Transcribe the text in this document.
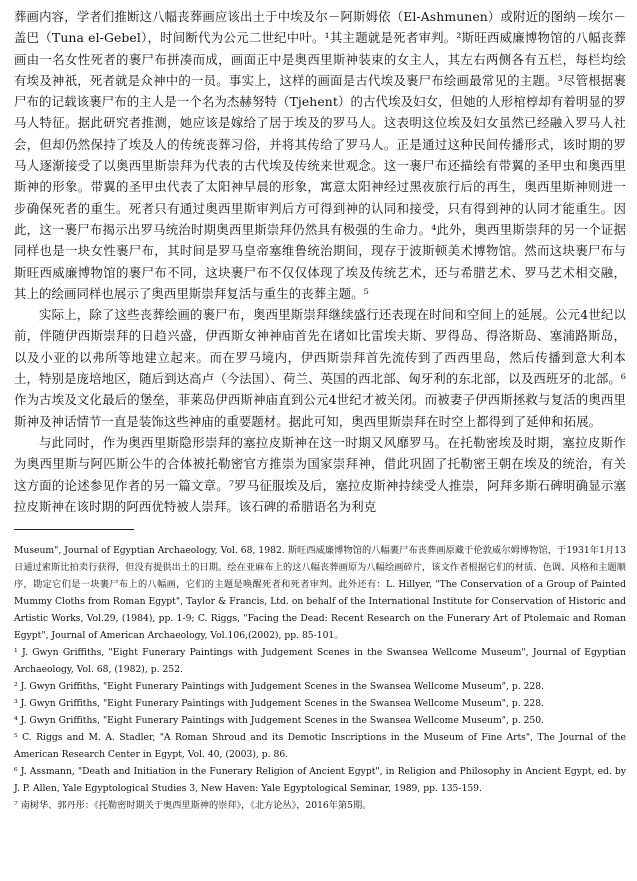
葬画内容，学者们推断这八幅丧葬画应该出土于中埃及尔－阿斯姆依（El-Ashmunen）或附近的图纳－埃尔－盖巴（Tuna el-Gebel），时间断代为公元二世纪中叶。¹其主题就是死者审判。²斯旺西威廉博物馆的八幅丧葬画由一名女性死者的裹尸布拼凑而成，画面正中是奥西里斯神装束的女主人，其左右两侧各有五栏，每栏均绘有埃及神祇，死者就是众神中的一员。事实上，这样的画面是古代埃及裹尸布绘画最常见的主题。³尽管根据裹尸布的记载该裹尸布的主人是一个名为杰赫努特（Tjehent）的古代埃及妇女，但她的人形棺椁却有着明显的罗马人特征。据此研究者推测，她应该是嫁给了居于埃及的罗马人。这表明这位埃及妇女虽然已经融入罗马人社会，但却仍然保持了埃及人的传统丧葬习俗，并将其传给了罗马人。正是通过这种民间传播形式，该时期的罗马人逐渐接受了以奥西里斯崇拜为代表的古代埃及传统来世观念。这一裹尸布还描绘有带翼的圣甲虫和奥西里斯神的形象。带翼的圣甲虫代表了太阳神早晨的形象，寓意太阳神经过黑夜旅行后的再生，奥西里斯神则进一步确保死者的重生。死者只有通过奥西里斯审判后方可得到神的认同和接受，只有得到神的认同才能重生。因此，这一裹尸布揭示出罗马统治时期奥西里斯崇拜仍然具有极强的生命力。⁴此外，奥西里斯崇拜的另一个证据同样也是一块女性裹尸布，其时间是罗马皇帝塞维鲁统治期间，现存于波斯顿美术博物馆。然而这块裹尸布与斯旺西威廉博物馆的裹尸布不同，这块裹尸布不仅仅体现了埃及传统艺术，还与希腊艺术、罗马艺术相交融，其上的绘画同样也展示了奥西里斯崇拜复活与重生的丧葬主题。⁵

实际上，除了这些丧葬绘画的裹尸布，奥西里斯崇拜继续盛行还表现在时间和空间上的延展。公元4世纪以前，伴随伊西斯崇拜的日趋兴盛，伊西斯女神神庙首先在诸如比雷埃夫斯、罗得岛、得洛斯岛、塞浦路斯岛，以及小亚的以弗所等地建立起来。而在罗马境内，伊西斯崇拜首先流传到了西西里岛，然后传播到意大利本土，特别是庞培地区，随后到达高卢（今法国）、荷兰、英国的西北部、匈牙利的东北部，以及西班牙的北部。⁶作为古埃及文化最后的堡垒，菲莱岛伊西斯神庙直到公元4世纪才被关闭。而被妻子伊西斯拯救与复活的奥西里斯神及神话情节一直是装饰这些神庙的重要题材。据此可知，奥西里斯崇拜在时空上都得到了延伸和拓展。

与此同时，作为奥西里斯隐形崇拜的塞拉皮斯神在这一时期又风靡罗马。在托勒密埃及时期，塞拉皮斯作为奥西里斯与阿匹斯公牛的合体被托勒密官方推崇为国家崇拜神，借此巩固了托勒密王朝在埃及的统治，有关这方面的论述参见作者的另一篇文章。⁷罗马征服埃及后，塞拉皮斯神持续受人推崇，阿拜多斯石碑明确显示塞拉皮斯神在该时期的阿西优特被人崇拜。该石碑的希腊语名为利克

Museum", Journal of Egyptian Archaeology, Vol. 68, 1982. 斯旺西威廉博物馆的八幅裹尸布丧葬画原藏于伦敦威尔姆博物馆，于1931年1月13日通过索斯比拍卖行获得，但没有提供出土的日期。绘在亚麻布上的这八幅丧葬画原为八幅绘画碎片，该文作者根据它们的材质、色调、风格和主题顺序，勘定它们是一块裹尸布上的八幅画，它们的主题是唤醒死者和死者审判。此外还有：L. Hillyer, "The Conservation of a Group of Painted Mummy Cloths from Roman Egypt", Taylor & Francis, Ltd. on behalf of the International Institute for Conservation of Historic and Artistic Works, Vol.29, (1984), pp. 1-9; C. Riggs, "Facing the Dead: Recent Research on the Funerary Art of Ptolemaic and Roman Egypt", Journal of American Archaeology, Vol.106,(2002), pp. 85-101。

¹ J. Gwyn Griffiths, "Eight Funerary Paintings with Judgement Scenes in the Swansea Wellcome Museum", Journal of Egyptian Archaeology, Vol. 68, (1982), p. 252.

² J. Gwyn Griffiths, "Eight Funerary Paintings with Judgement Scenes in the Swansea Wellcome Museum", p. 228.

³ J. Gwyn Griffiths, "Eight Funerary Paintings with Judgement Scenes in the Swansea Wellcome Museum", p. 228.

⁴ J. Gwyn Griffiths, "Eight Funerary Paintings with Judgement Scenes in the Swansea Wellcome Museum", p. 250.

⁵ C. Riggs and M. A. Stadler, "A Roman Shroud and its Demotic Inscriptions in the Museum of Fine Arts", The Journal of the American Research Center in Egypt, Vol. 40, (2003), p. 86.

⁶ J. Assmann, "Death and Initiation in the Funerary Religion of Ancient Egypt", in Religion and Philosophy in Ancient Egypt, ed. by J. P. Allen, Yale Egyptological Studies 3, New Haven: Yale Egyptological Seminar, 1989, pp. 135-159.

⁷ 南树华、郭丹彤：《托勒密时期关于奥西里斯神的崇拜》，《北方论丛》，2016年第5期。
